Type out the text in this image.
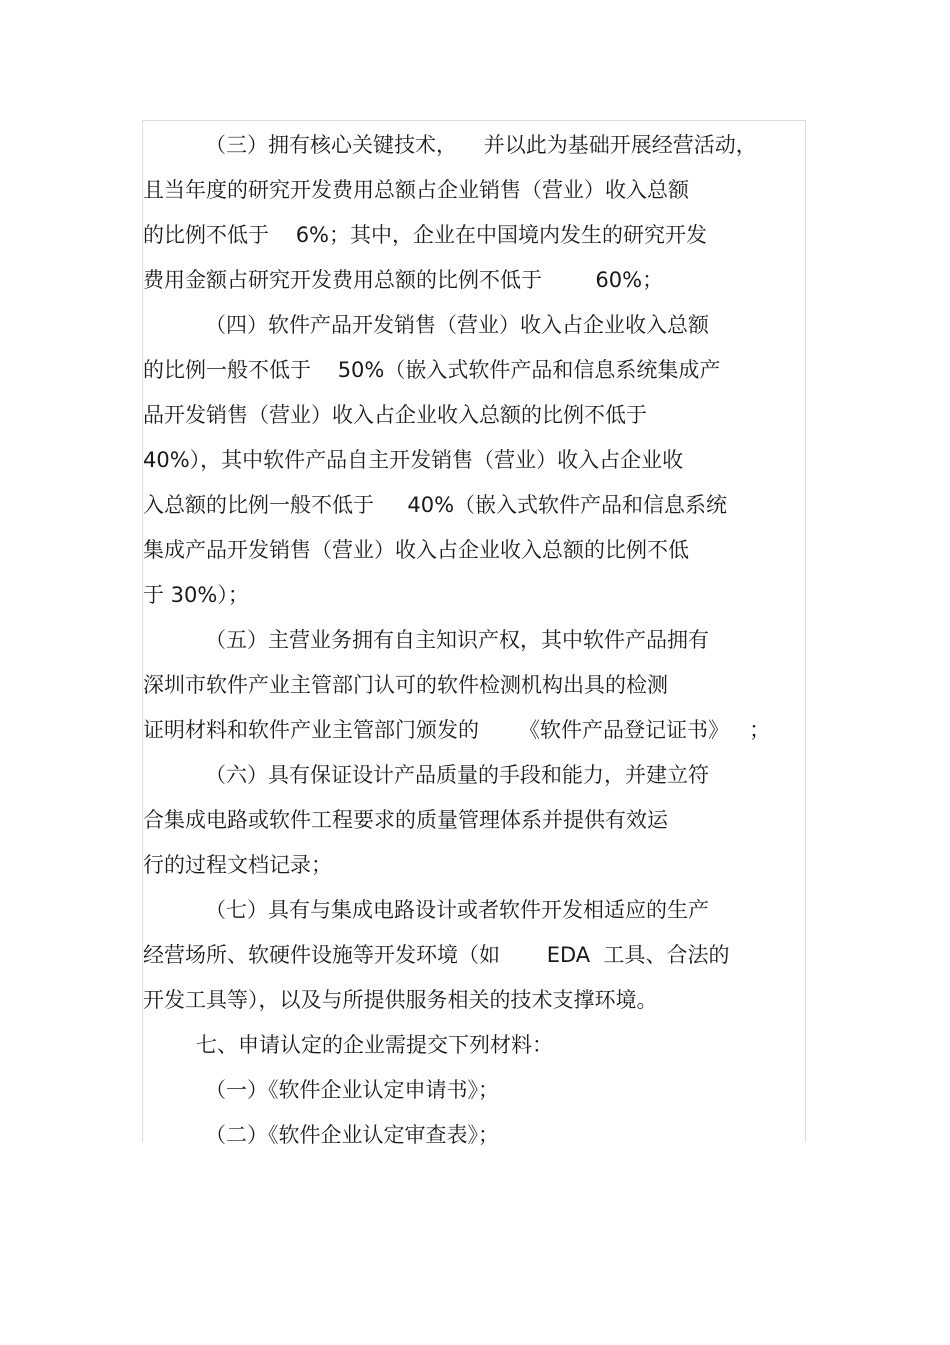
（三）拥有核心关键技术，    并以此为基础开展经营活动，
且当年度的研究开发费用总额占企业销售（营业）收入总额
的比例不低于    6%；其中，企业在中国境内发生的研究开发
费用金额占研究开发费用总额的比例不低于        60%；
（四）软件产品开发销售（营业）收入占企业收入总额
的比例一般不低于    50%（嵌入式软件产品和信息系统集成产
品开发销售（营业）收入占企业收入总额的比例不低于
40%），其中软件产品自主开发销售（营业）收入占企业收
入总额的比例一般不低于     40%（嵌入式软件产品和信息系统
集成产品开发销售（营业）收入占企业收入总额的比例不低
于 30%）；
（五）主营业务拥有自主知识产权，其中软件产品拥有
深圳市软件产业主管部门认可的软件检测机构出具的检测
证明材料和软件产业主管部门颁发的      《软件产品登记证书》   ；
（六）具有保证设计产品质量的手段和能力，并建立符
合集成电路或软件工程要求的质量管理体系并提供有效运
行的过程文档记录；
（七）具有与集成电路设计或者软件开发相适应的生产
经营场所、软硬件设施等开发环境（如       EDA  工具、合法的
开发工具等），以及与所提供服务相关的技术支撑环境。
七、申请认定的企业需提交下列材料：
（一）《软件企业认定申请书》；
（二）《软件企业认定审查表》；
